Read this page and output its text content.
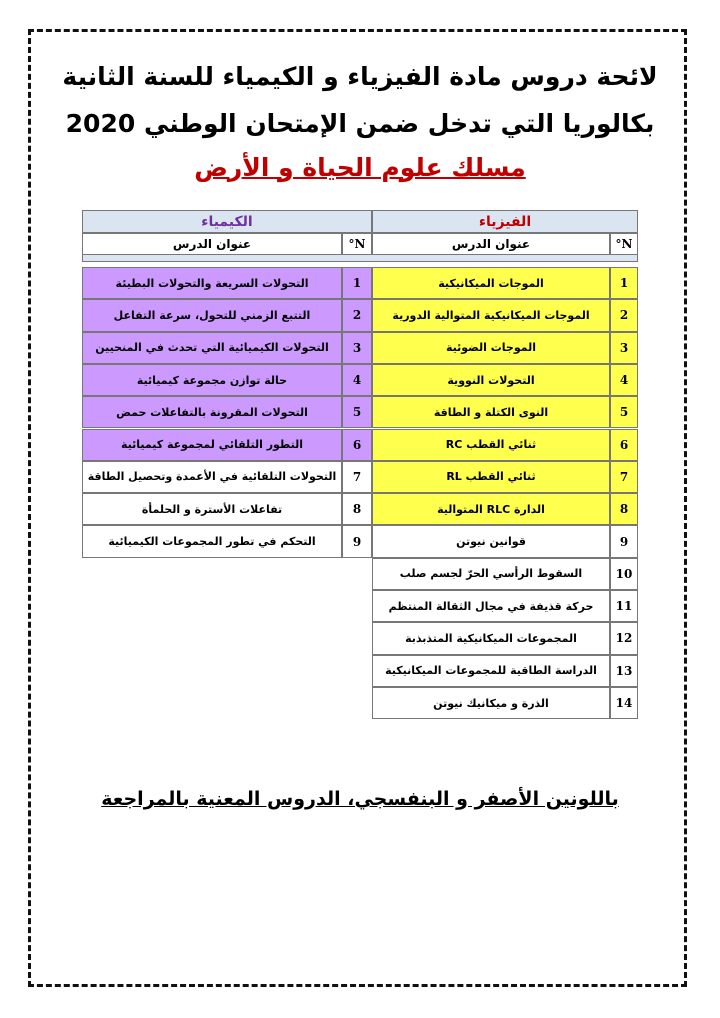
لائحة دروس مادة الفيزياء و الكيمياء للسنة الثانية
بكالوريا التي تدخل ضمن الإمتحان الوطني 2020
مسلك علوم الحياة و الأرض
الفيزياء
الكيمياء
N°
عنوان الدرس
N°
عنوان الدرس
1
الموجات الميكانيكية
2
الموجات الميكانيكية المتوالية الدورية
3
الموجات الضوئية
4
التحولات النووية
5
النوى الكتلة و الطاقة
6
ثنائي القطب RC
7
ثنائي القطب RL
8
الدارة RLC المتوالية
9
قوانين نيوتن
10
السقوط الرأسي الحرّ لجسم صلب
11
حركة قذيفة في مجال الثقالة المنتظم
12
المجموعات الميكانيكية المتذبذبة
13
الدراسة الطاقية للمجموعات الميكانيكية
14
الذرة و ميكانيك نيوتن
1
التحولات السريعة والتحولات البطيئة
2
التتبع الزمني للتحول، سرعة التفاعل
3
التحولات الكيميائية التي تحدث في المنحيين
4
حالة توازن مجموعة كيميائية
5
التحولات المقرونة بالتفاعلات حمض
6
التطور التلقائي لمجموعة كيميائية
7
التحولات التلقائية في الأعمدة وتحصيل الطاقة
8
تفاعلات الأسترة و الحلمأة
9
التحكم في تطور المجموعات الكيميائية
باللونين الأصفر و البنفسجي، الدروس المعنية بالمراجعة
